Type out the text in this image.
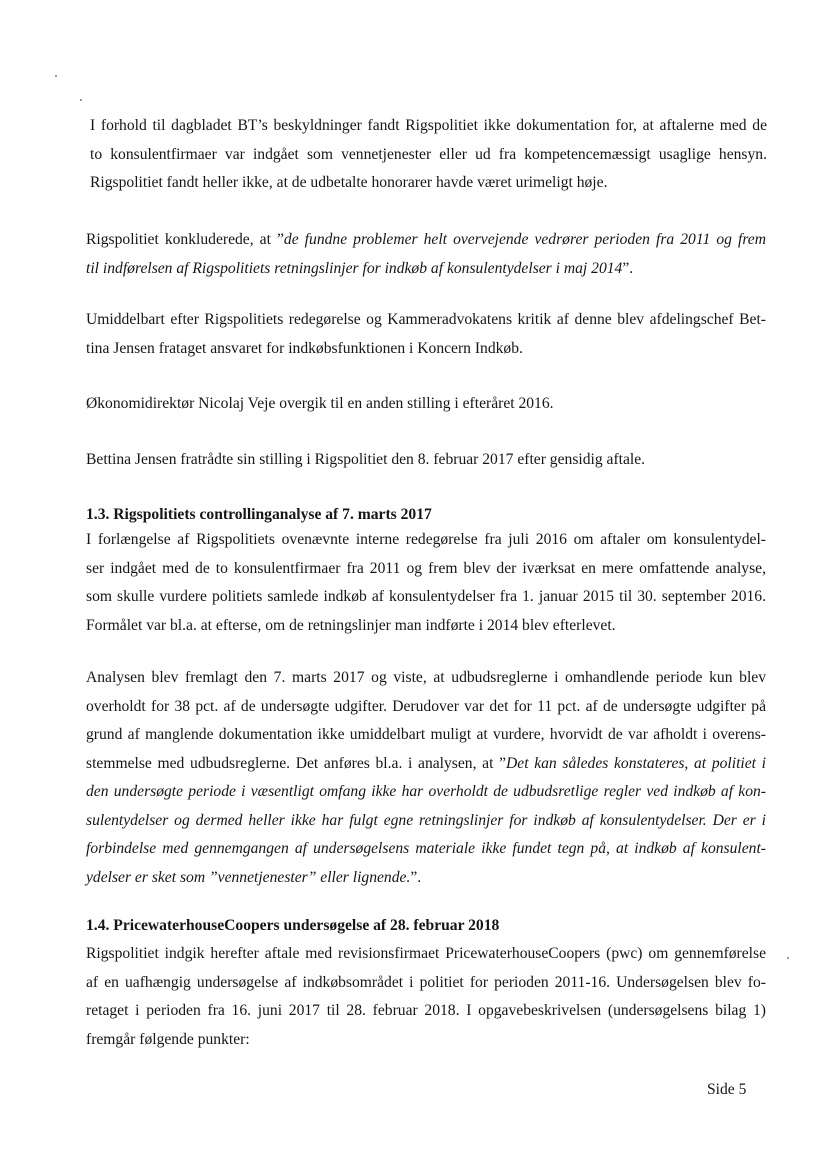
I forhold til dagbladet BT’s beskyldninger fandt Rigspolitiet ikke dokumentation for, at aftalerne med de
to konsulentfirmaer var indgået som vennetjenester eller ud fra kompetencemæssigt usaglige hensyn.
Rigspolitiet fandt heller ikke, at de udbetalte honorarer havde været urimeligt høje.

Rigspolitiet konkluderede, at ”de fundne problemer helt overvejende vedrører perioden fra 2011 og frem
til indførelsen af Rigspolitiets retningslinjer for indkøb af konsulentydelser i maj 2014”.

Umiddelbart efter Rigspolitiets redegørelse og Kammeradvokatens kritik af denne blev afdelingschef Bet-
tina Jensen frataget ansvaret for indkøbsfunktionen i Koncern Indkøb.

Økonomidirektør Nicolaj Veje overgik til en anden stilling i efteråret 2016.

Bettina Jensen fratrådte sin stilling i Rigspolitiet den 8. februar 2017 efter gensidig aftale.

1.3. Rigspolitiets controllinganalyse af 7. marts 2017

I forlængelse af Rigspolitiets ovenævnte interne redegørelse fra juli 2016 om aftaler om konsulentydel-
ser indgået med de to konsulentfirmaer fra 2011 og frem blev der iværksat en mere omfattende analyse,
som skulle vurdere politiets samlede indkøb af konsulentydelser fra 1. januar 2015 til 30. september 2016.
Formålet var bl.a. at efterse, om de retningslinjer man indførte i 2014 blev efterlevet.

Analysen blev fremlagt den 7. marts 2017 og viste, at udbudsreglerne i omhandlende periode kun blev
overholdt for 38 pct. af de undersøgte udgifter. Derudover var det for 11 pct. af de undersøgte udgifter på
grund af manglende dokumentation ikke umiddelbart muligt at vurdere, hvorvidt de var afholdt i overens-
stemmelse med udbudsreglerne. Det anføres bl.a. i analysen, at ”Det kan således konstateres, at politiet i
den undersøgte periode i væsentligt omfang ikke har overholdt de udbudsretlige regler ved indkøb af kon-
sulentydelser og dermed heller ikke har fulgt egne retningslinjer for indkøb af konsulentydelser. Der er i
forbindelse med gennemgangen af undersøgelsens materiale ikke fundet tegn på, at indkøb af konsulent-
ydelser er sket som ”vennetjenester” eller lignende.”.

1.4. PricewaterhouseCoopers undersøgelse af 28. februar 2018

Rigspolitiet indgik herefter aftale med revisionsfirmaet PricewaterhouseCoopers (pwc) om gennemførelse
af en uafhængig undersøgelse af indkøbsområdet i politiet for perioden 2011-16. Undersøgelsen blev fo-
retaget i perioden fra 16. juni 2017 til 28. februar 2018. I opgavebeskrivelsen (undersøgelsens bilag 1)
fremgår følgende punkter:

Side 5
